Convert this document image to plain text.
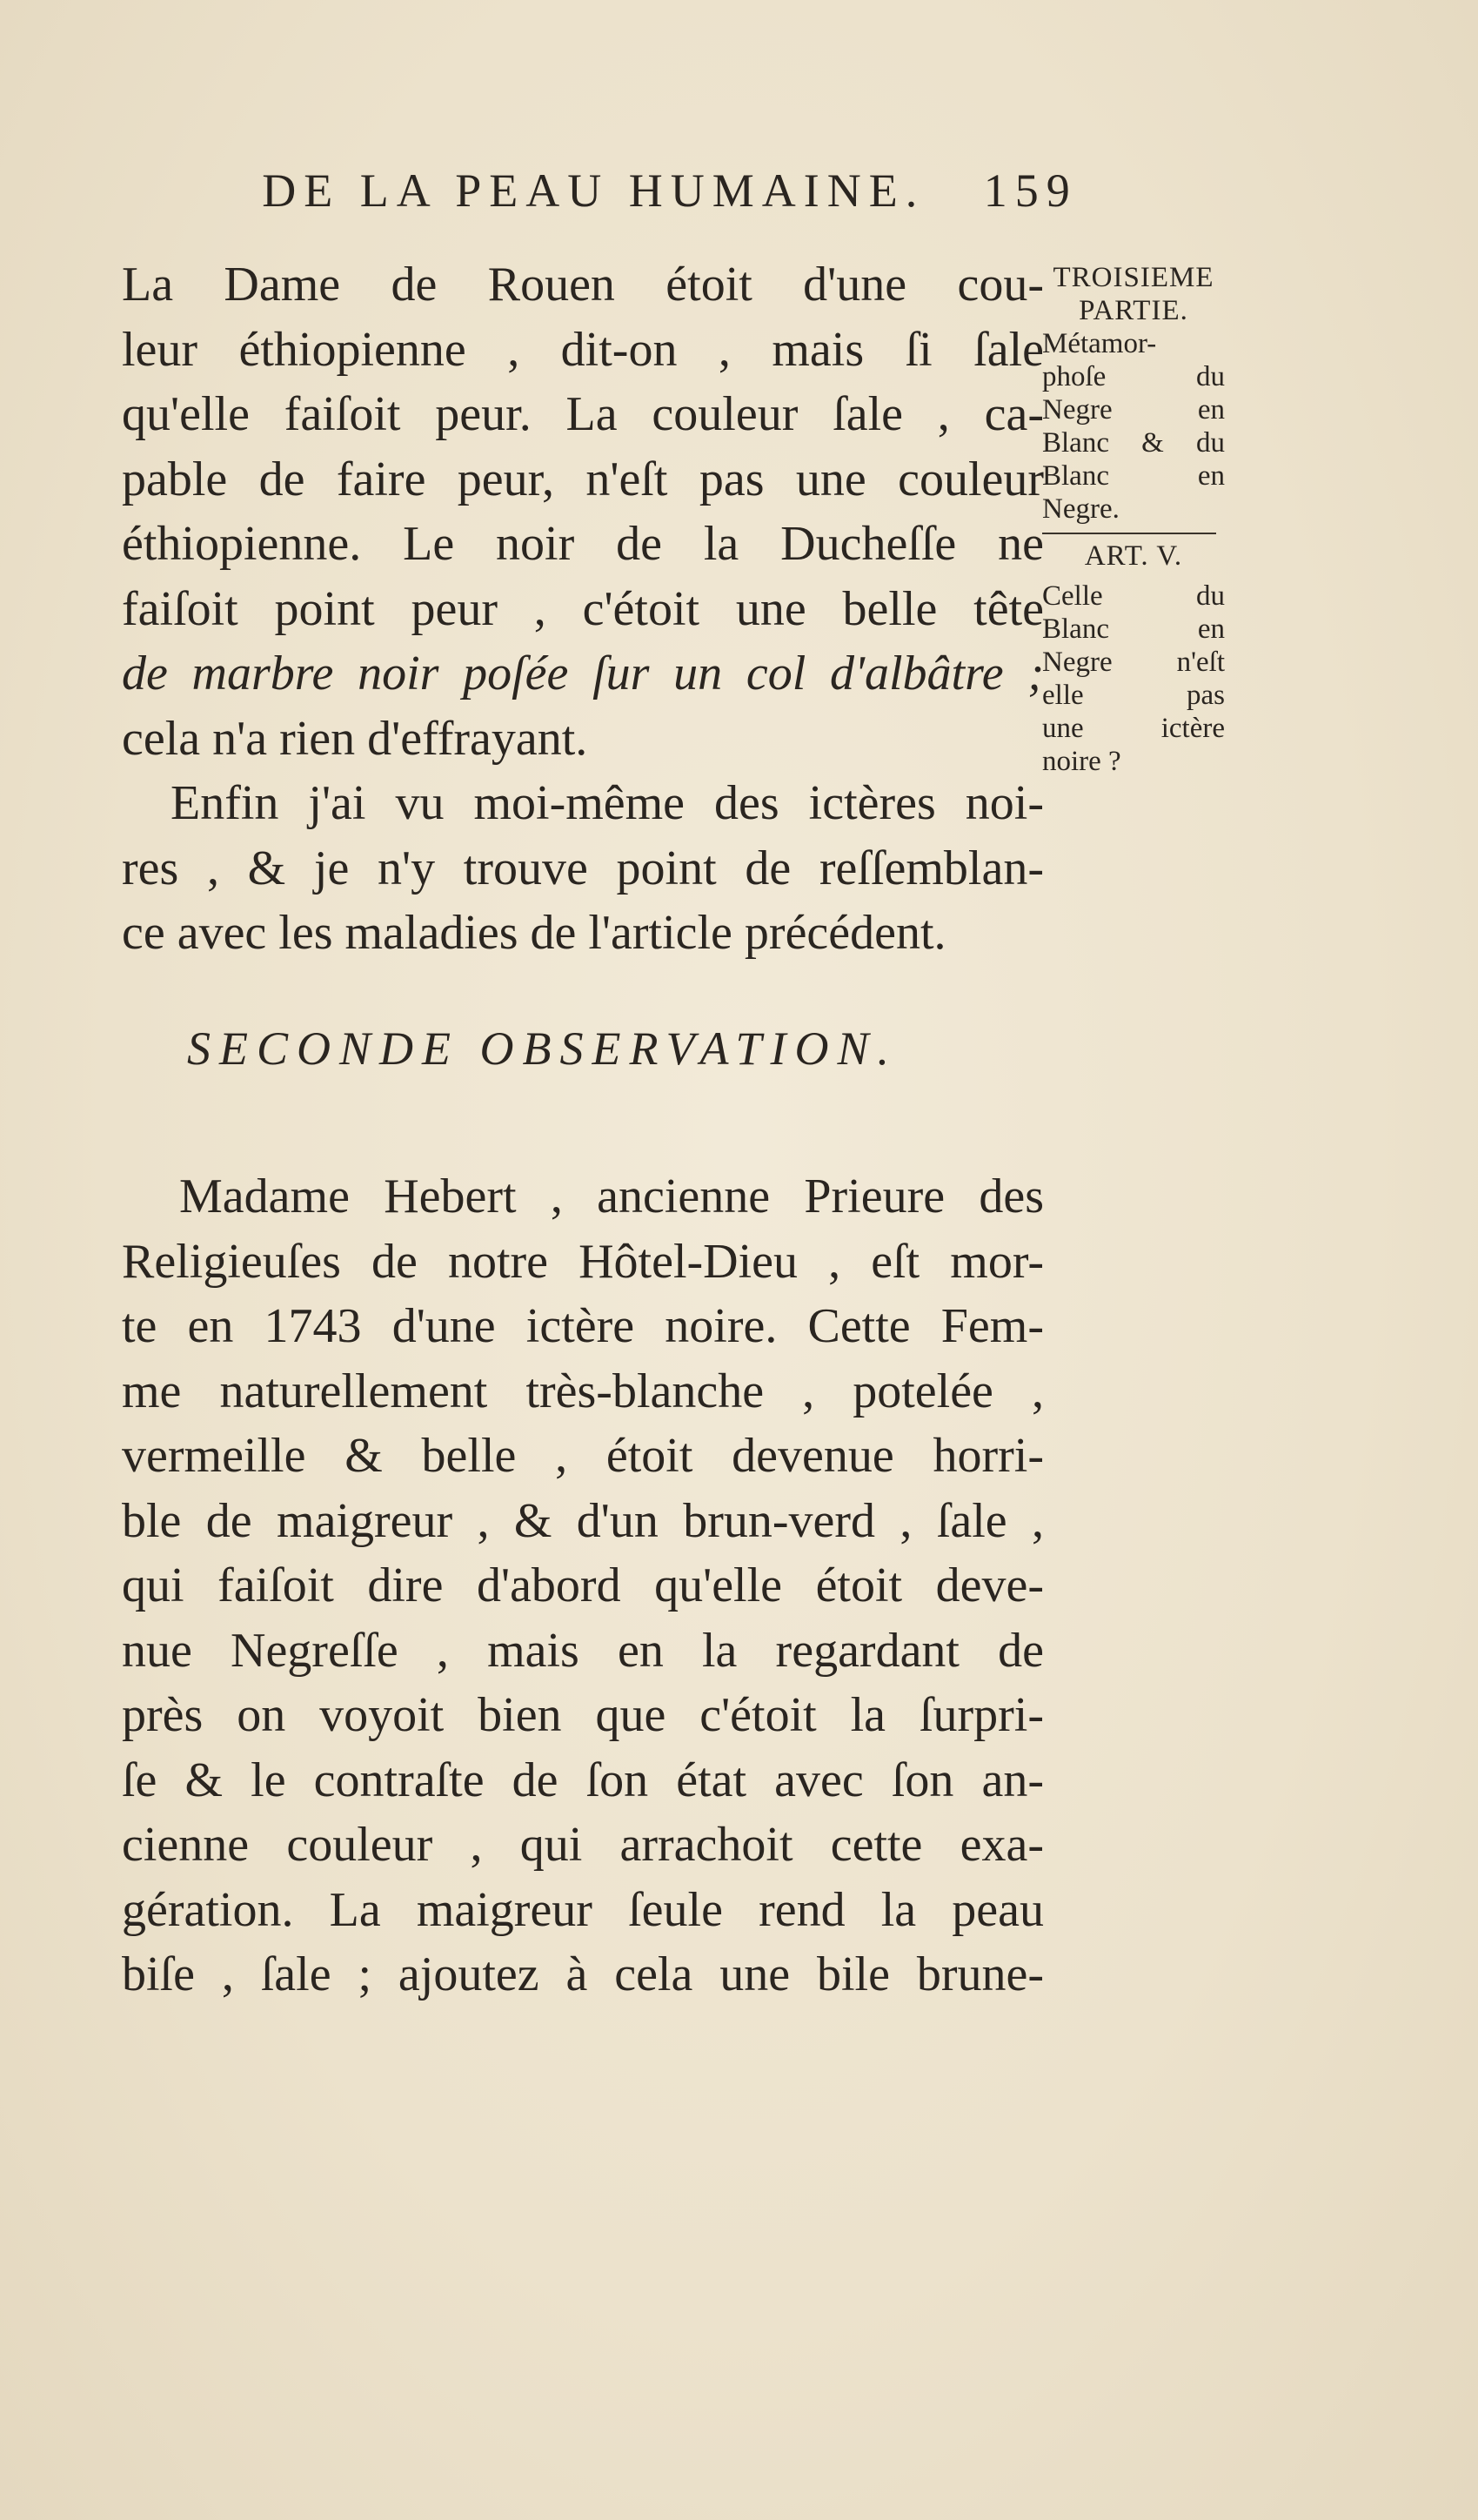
DE LA PEAU HUMAINE. 159
La Dame de Rouen étoit d'une cou-
leur éthiopienne , dit-on , mais ſi ſale
qu'elle faiſoit peur. La couleur ſale , ca-
pable de faire peur, n'eſt pas une couleur
éthiopienne. Le noir de la Ducheſſe ne
faiſoit point peur , c'étoit une belle tête
de marbre noir poſée ſur un col d'albâtre ;
cela n'a rien d'effrayant.
Enfin j'ai vu moi-même des ictères noi-
res , & je n'y trouve point de reſſemblan-
ce avec les maladies de l'article précédent.
SECONDE OBSERVATION.
Madame Hebert , ancienne Prieure des
Religieuſes de notre Hôtel-Dieu , eſt mor-
te en 1743 d'une ictère noire. Cette Fem-
me naturellement très-blanche , potelée ,
vermeille & belle , étoit devenue horri-
ble de maigreur , & d'un brun-verd , ſale ,
qui faiſoit dire d'abord qu'elle étoit deve-
nue Negreſſe , mais en la regardant de
près on voyoit bien que c'étoit la ſurpri-
ſe & le contraſte de ſon état avec ſon an-
cienne couleur , qui arrachoit cette exa-
gération. La maigreur ſeule rend la peau
biſe , ſale ; ajoutez à cela une bile brune-
TROISIEME
PARTIE.
Métamor-
phoſe du
Negre en
Blanc & du
Blanc en
Negre.
ART. V.
Celle du
Blanc en
Negre n'eſt
elle pas
une ictère
noire ?
